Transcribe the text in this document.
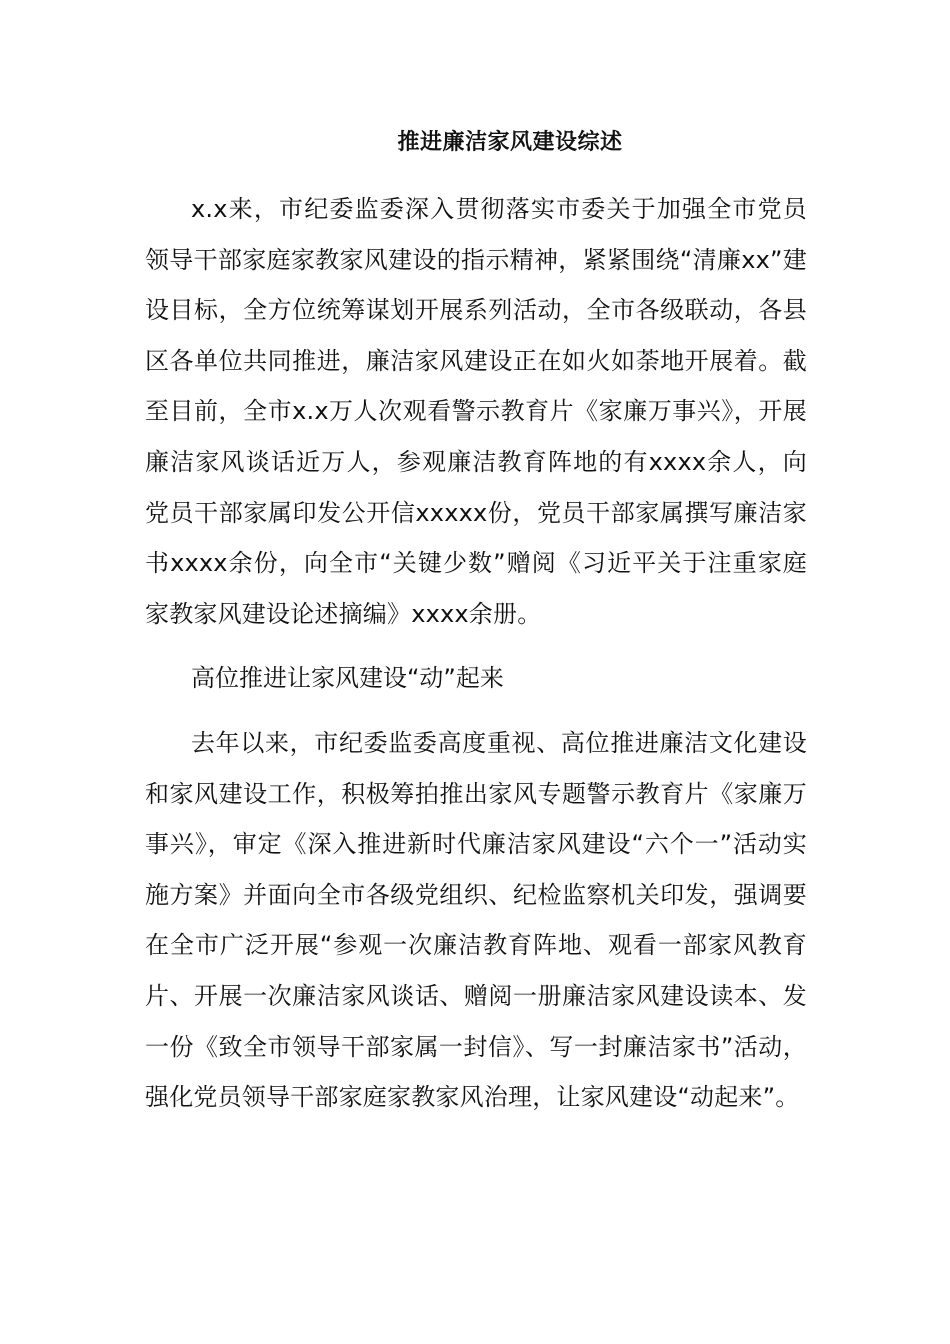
推进廉洁家风建设综述

x.x来，市纪委监委深入贯彻落实市委关于加强全市党员领导干部家庭家教家风建设的指示精神，紧紧围绕“清廉xx”建设目标，全方位统筹谋划开展系列活动，全市各级联动，各县区各单位共同推进，廉洁家风建设正在如火如荼地开展着。截至目前，全市x.x万人次观看警示教育片《家廉万事兴》，开展廉洁家风谈话近万人，参观廉洁教育阵地的有xxxx余人，向党员干部家属印发公开信xxxxx份，党员干部家属撰写廉洁家书xxxx余份，向全市“关键少数”赠阅《习近平关于注重家庭家教家风建设论述摘编》xxxx余册。

高位推进让家风建设“动”起来

去年以来，市纪委监委高度重视、高位推进廉洁文化建设和家风建设工作，积极筹拍推出家风专题警示教育片《家廉万事兴》，审定《深入推进新时代廉洁家风建设“六个一”活动实施方案》并面向全市各级党组织、纪检监察机关印发，强调要在全市广泛开展“参观一次廉洁教育阵地、观看一部家风教育片、开展一次廉洁家风谈话、赠阅一册廉洁家风建设读本、发一份《致全市领导干部家属一封信》、写一封廉洁家书”活动，强化党员领导干部家庭家教家风治理，让家风建设“动起来”。
